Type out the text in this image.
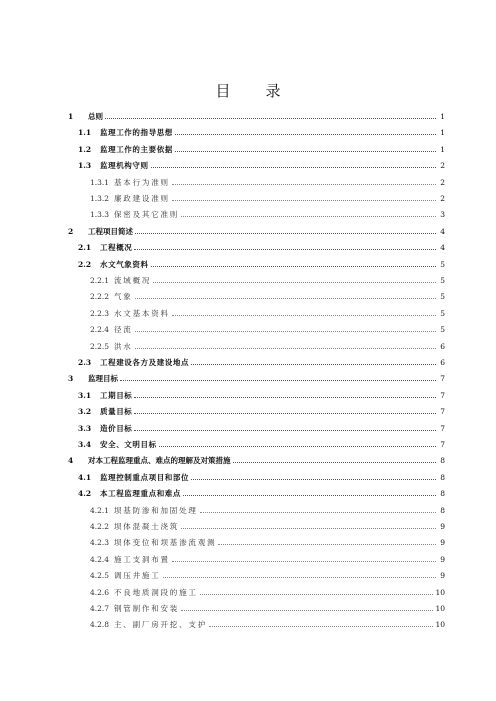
目　录
1	总则	1
1.1	监理工作的指导思想	1
1.2	监理工作的主要依据	1
1.3	监理机构守则	2
1.3.1 基本行为准则	2
1.3.2 廉政建设准则	2
1.3.3 保密及其它准则	3
2	工程项目简述	4
2.1	工程概况	4
2.2	水文气象资料	5
2.2.1 流域概况	5
2.2.2 气象	5
2.2.3 水文基本资料	5
2.2.4 径流	5
2.2.5 洪水	6
2.3	工程建设各方及建设地点	6
3	监理目标	7
3.1	工期目标	7
3.2	质量目标	7
3.3	造价目标	7
3.4	安全、文明目标	7
4	对本工程监理重点、难点的理解及对策措施	8
4.1	监理控制重点项目和部位	8
4.2	本工程监理重点和难点	8
4.2.1 坝基防渗和加固处理	8
4.2.2 坝体混凝土浇筑	9
4.2.3 坝体变位和坝基渗流观测	9
4.2.4 施工支洞布置	9
4.2.5 调压井施工	9
4.2.6 不良地质洞段的施工	10
4.2.7 钢管制作和安装	10
4.2.8 主、副厂房开挖、支护	10
